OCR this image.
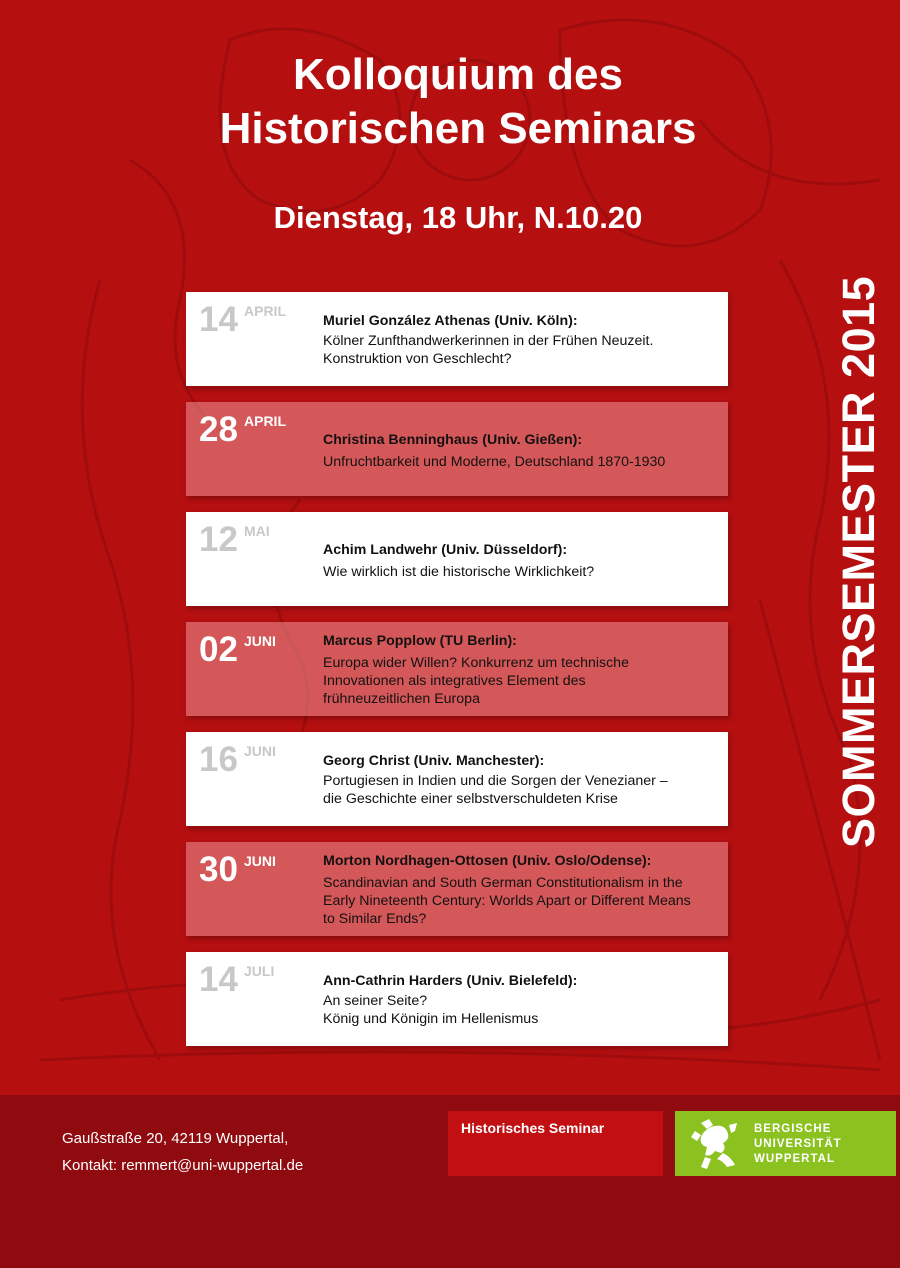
Kolloquium des
Historischen Seminars
Dienstag, 18 Uhr, N.10.20
SOMMERSEMESTER 2015
14 APRIL
Muriel González Athenas (Univ. Köln):
Kölner Zunfthandwerkerinnen in der Frühen Neuzeit.
Konstruktion von Geschlecht?
28 APRIL
Christina Benninghaus (Univ. Gießen):
Unfruchtbarkeit und Moderne, Deutschland 1870-1930
12 MAI
Achim Landwehr (Univ. Düsseldorf):
Wie wirklich ist die historische Wirklichkeit?
02 JUNI	Marcus Popplow (TU Berlin):
Europa wider Willen? Konkurrenz um technische
Innovationen als integratives Element des
frühneuzeitlichen Europa
16 JUNI
Georg Christ (Univ. Manchester):
Portugiesen in Indien und die Sorgen der Venezianer –
die Geschichte einer selbstverschuldeten Krise
30 JUNI	Morton Nordhagen-Ottosen (Univ. Oslo/Odense):
Scandinavian and South German Constitutionalism in the
Early Nineteenth Century: Worlds Apart or Different Means
to Similar Ends?
14 JULI
Ann-Cathrin Harders (Univ. Bielefeld):
An seiner Seite?
König und Königin im Hellenismus
Gaußstraße 20, 42119 Wuppertal,
Kontakt: remmert@uni-wuppertal.de
Historisches Seminar	BERGISCHE
UNIVERSITÄT
WUPPERTAL
